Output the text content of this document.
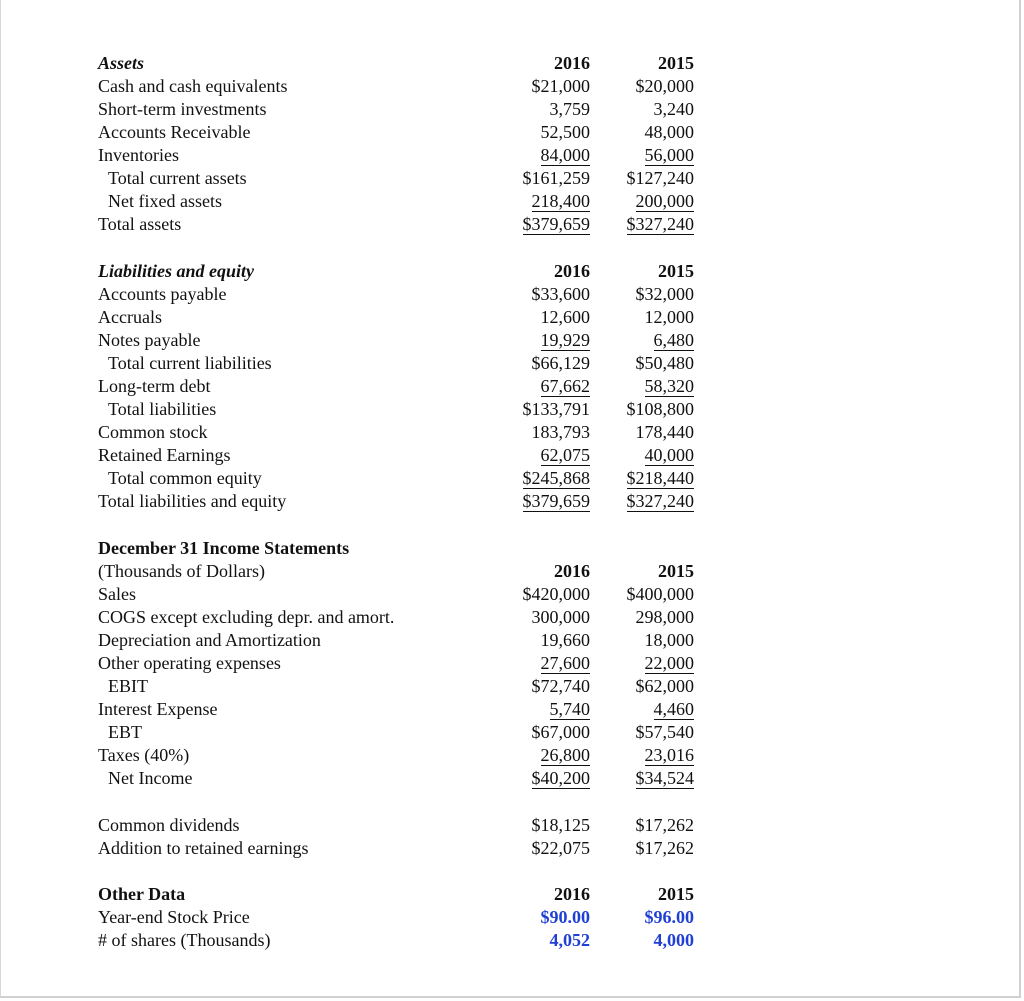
Assets	2016	2015
Cash and cash equivalents	$21,000	$20,000
Short-term investments	3,759	3,240
Accounts Receivable	52,500	48,000
Inventories	84,000	56,000
Total current assets	$161,259	$127,240
Net fixed assets	218,400	200,000
Total assets	$379,659	$327,240
Liabilities and equity	2016	2015
Accounts payable	$33,600	$32,000
Accruals	12,600	12,000
Notes payable	19,929	6,480
Total current liabilities	$66,129	$50,480
Long-term debt	67,662	58,320
Total liabilities	$133,791	$108,800
Common stock	183,793	178,440
Retained Earnings	62,075	40,000
Total common equity	$245,868	$218,440
Total liabilities and equity	$379,659	$327,240
December 31 Income Statements
(Thousands of Dollars)	2016	2015
Sales	$420,000	$400,000
COGS except excluding depr. and amort.	300,000	298,000
Depreciation and Amortization	19,660	18,000
Other operating expenses	27,600	22,000
EBIT	$72,740	$62,000
Interest Expense	5,740	4,460
EBT	$67,000	$57,540
Taxes (40%)	26,800	23,016
Net Income	$40,200	$34,524
Common dividends	$18,125	$17,262
Addition to retained earnings	$22,075	$17,262
Other Data	2016	2015
Year-end Stock Price	$90.00	$96.00
# of shares (Thousands)	4,052	4,000
